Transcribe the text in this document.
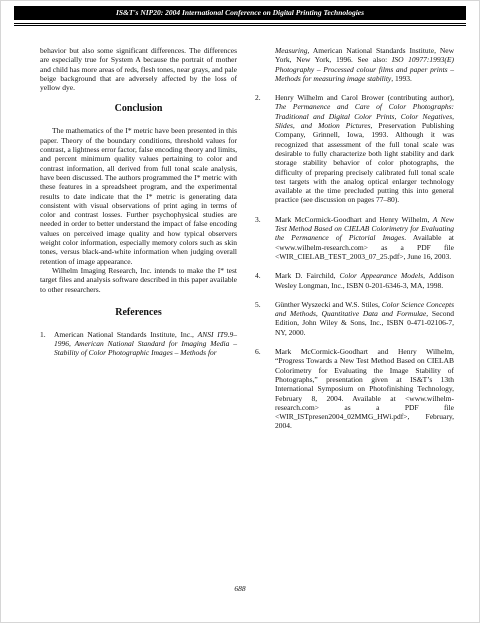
IS&T's NIP20: 2004 International Conference on Digital Printing Technologies

behavior but also some significant differences. The differences are especially true for System A because the portrait of mother and child has more areas of reds, flesh tones, near grays, and pale beige background that are adversely affected by the loss of yellow dye.

Conclusion

The mathematics of the I* metric have been presented in this paper. Theory of the boundary conditions, threshold values for contrast, a lightness error factor, false encoding theory and limits, and percent minimum quality values pertaining to color and contrast information, all derived from full tonal scale analysis, have been discussed. The authors programmed the I* metric with these features in a spreadsheet program, and the experimental results to date indicate that the I* metric is generating data consistent with visual observations of print aging in terms of color and contrast losses. Further psychophysical studies are needed in order to better understand the impact of false encoding values on perceived image quality and how typical observers weight color information, especially memory colors such as skin tones, versus black-and-white information when judging overall retention of image appearance.

Wilhelm Imaging Research, Inc. intends to make the I* test target files and analysis software described in this paper available to other researchers.

References
1.	American National Standards Institute, Inc., ANSI IT9.9–1996, American National Standard for Imaging Media – Stability of Color Photographic Images – Methods for
Measuring, American National Standards Institute, New York, New York, 1996. See also: ISO 10977:1993(E) Photography – Processed colour films and paper prints – Methods for measuring image stability, 1993.
2.	Henry Wilhelm and Carol Brower (contributing author), The Permanence and Care of Color Photographs: Traditional and Digital Color Prints, Color Negatives, Slides, and Motion Pictures, Preservation Publishing Company, Grinnell, Iowa, 1993. Although it was recognized that assessment of the full tonal scale was desirable to fully characterize both light stability and dark storage stability behavior of color photographs, the difficulty of preparing precisely calibrated full tonal scale test targets with the analog optical enlarger technology available at the time precluded putting this into general practice (see discussion on pages 77–80).
3.	Mark McCormick-Goodhart and Henry Wilhelm, A New Test Method Based on CIELAB Colorimetry for Evaluating the Permanence of Pictorial Images. Available at <www.wilhelm-research.com> as a PDF file <WIR_CIELAB_TEST_2003_07_25.pdf>, June 16, 2003.
4.	Mark D. Fairchild, Color Appearance Models, Addison Wesley Longman, Inc., ISBN 0-201-6346-3, MA, 1998.
5.	Günther Wyszecki and W.S. Stiles, Color Science Concepts and Methods, Quantitative Data and Formulae, Second Edition, John Wiley & Sons, Inc., ISBN 0-471-02106-7, NY, 2000.
6.	Mark McCormick-Goodhart and Henry Wilhelm, “Progress Towards a New Test Method Based on CIELAB Colorimetry for Evaluating the Image Stability of Photographs,” presentation given at IS&T’s 13th International Symposium on Photofinishing Technology, February 8, 2004. Available at <www.wilhelm-research.com> as a PDF file <WIR_ISTpresen2004_02MMG_HWi.pdf>, February, 2004.
688
